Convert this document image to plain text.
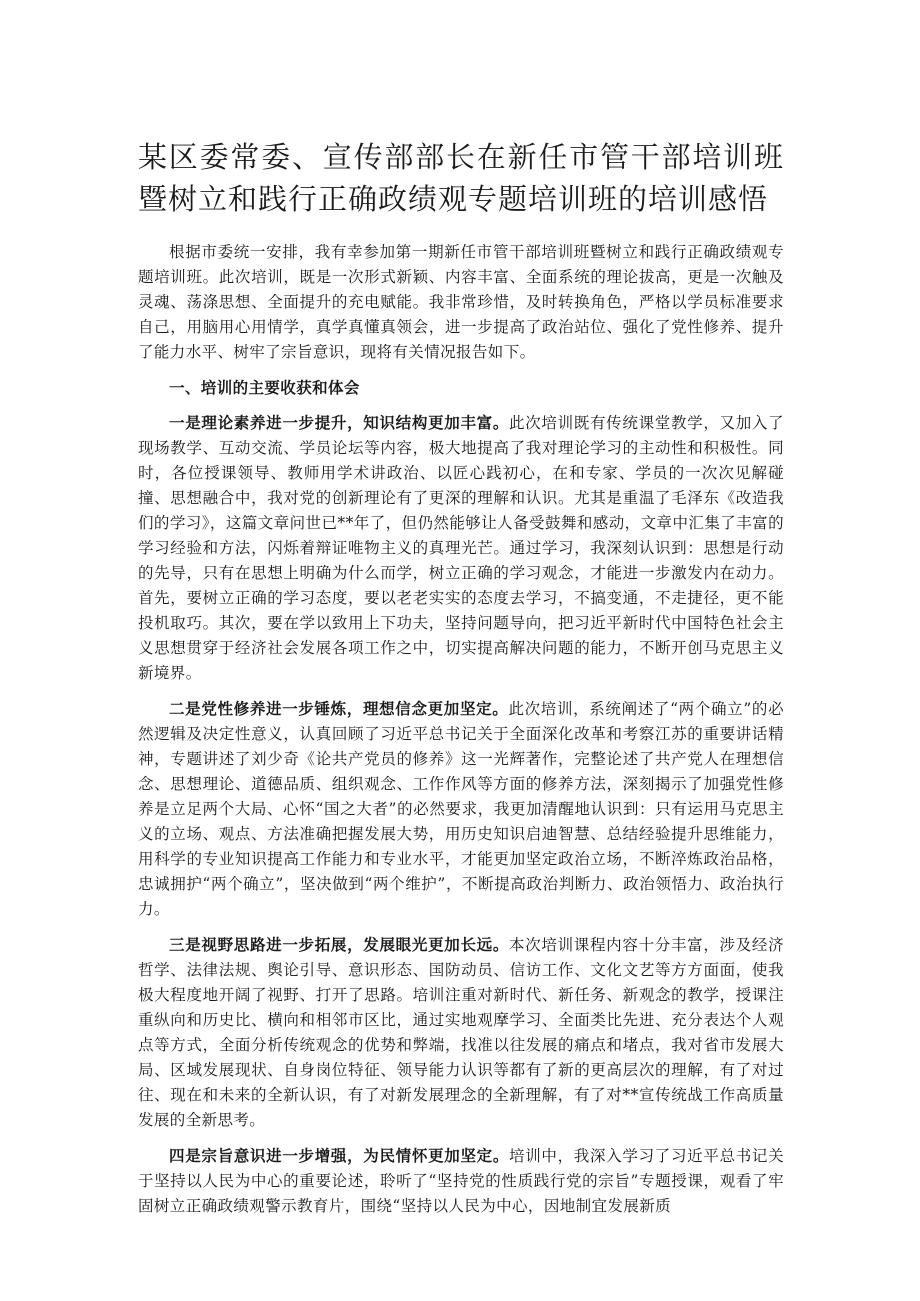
某区委常委、宣传部部长在新任市管干部培训班暨树立和践行正确政绩观专题培训班的培训感悟

根据市委统一安排，我有幸参加第一期新任市管干部培训班暨树立和践行正确政绩观专题培训班。此次培训，既是一次形式新颖、内容丰富、全面系统的理论拔高，更是一次触及灵魂、荡涤思想、全面提升的充电赋能。我非常珍惜，及时转换角色，严格以学员标准要求自己，用脑用心用情学，真学真懂真领会，进一步提高了政治站位、强化了党性修养、提升了能力水平、树牢了宗旨意识，现将有关情况报告如下。

一、培训的主要收获和体会

一是理论素养进一步提升，知识结构更加丰富。此次培训既有传统课堂教学，又加入了现场教学、互动交流、学员论坛等内容，极大地提高了我对理论学习的主动性和积极性。同时，各位授课领导、教师用学术讲政治、以匠心践初心，在和专家、学员的一次次见解碰撞、思想融合中，我对党的创新理论有了更深的理解和认识。尤其是重温了毛泽东《改造我们的学习》，这篇文章问世已**年了，但仍然能够让人备受鼓舞和感动，文章中汇集了丰富的学习经验和方法，闪烁着辩证唯物主义的真理光芒。通过学习，我深刻认识到：思想是行动的先导，只有在思想上明确为什么而学，树立正确的学习观念，才能进一步激发内在动力。首先，要树立正确的学习态度，要以老老实实的态度去学习，不搞变通，不走捷径，更不能投机取巧。其次，要在学以致用上下功夫，坚持问题导向，把习近平新时代中国特色社会主义思想贯穿于经济社会发展各项工作之中，切实提高解决问题的能力，不断开创马克思主义新境界。

二是党性修养进一步锤炼，理想信念更加坚定。此次培训，系统阐述了“两个确立”的必然逻辑及决定性意义，认真回顾了习近平总书记关于全面深化改革和考察江苏的重要讲话精神，专题讲述了刘少奇《论共产党员的修养》这一光辉著作，完整论述了共产党人在理想信念、思想理论、道德品质、组织观念、工作作风等方面的修养方法，深刻揭示了加强党性修养是立足两个大局、心怀“国之大者”的必然要求，我更加清醒地认识到：只有运用马克思主义的立场、观点、方法准确把握发展大势，用历史知识启迪智慧、总结经验提升思维能力，用科学的专业知识提高工作能力和专业水平，才能更加坚定政治立场，不断淬炼政治品格，忠诚拥护“两个确立”，坚决做到“两个维护”，不断提高政治判断力、政治领悟力、政治执行力。

三是视野思路进一步拓展，发展眼光更加长远。本次培训课程内容十分丰富，涉及经济哲学、法律法规、舆论引导、意识形态、国防动员、信访工作、文化文艺等方方面面，使我极大程度地开阔了视野、打开了思路。培训注重对新时代、新任务、新观念的教学，授课注重纵向和历史比、横向和相邻市区比，通过实地观摩学习、全面类比先进、充分表达个人观点等方式，全面分析传统观念的优势和弊端，找准以往发展的痛点和堵点，我对省市发展大局、区域发展现状、自身岗位特征、领导能力认识等都有了新的更高层次的理解，有了对过往、现在和未来的全新认识，有了对新发展理念的全新理解，有了对**宣传统战工作高质量发展的全新思考。

四是宗旨意识进一步增强，为民情怀更加坚定。培训中，我深入学习了习近平总书记关于坚持以人民为中心的重要论述，聆听了“坚持党的性质践行党的宗旨”专题授课，观看了牢固树立正确政绩观警示教育片，围绕“坚持以人民为中心，因地制宜发展新质
